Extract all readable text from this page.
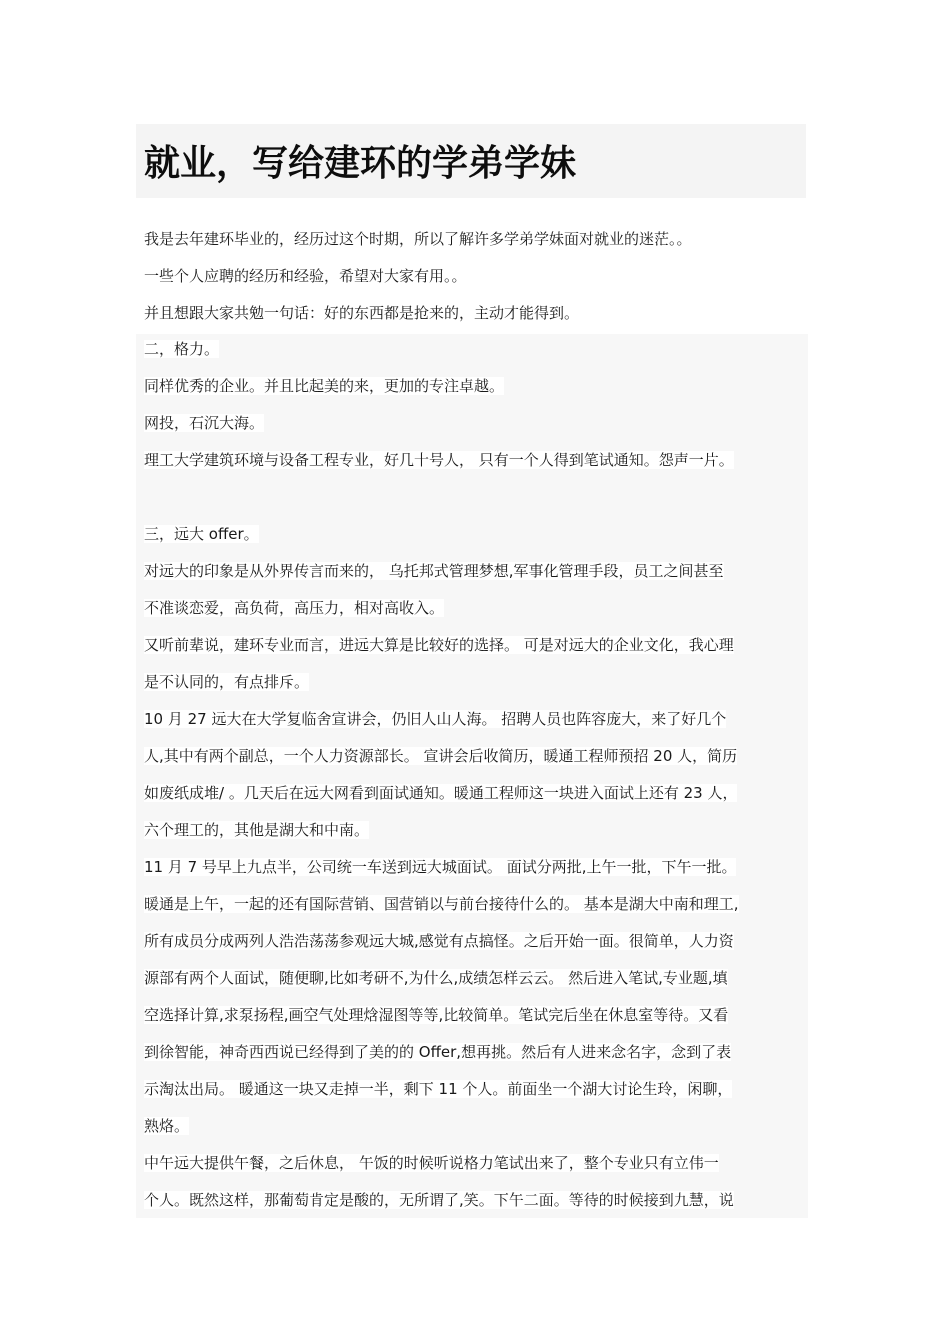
就业，写给建环的学弟学妹
我是去年建环毕业的，经历过这个时期，所以了解许多学弟学妹面对就业的迷茫。。
一些个人应聘的经历和经验，希望对大家有用。。
并且想跟大家共勉一句话：好的东西都是抢来的，主动才能得到。
二，格力。
同样优秀的企业。并且比起美的来，更加的专注卓越。
网投，石沉大海。
理工大学建筑环境与设备工程专业，好几十号人， 只有一个人得到笔试通知。怨声一片。
三，远大 offer。
对远大的印象是从外界传言而来的， 乌托邦式管理梦想,军事化管理手段，员工之间甚至
不准谈恋爱，高负荷，高压力，相对高收入。
又听前辈说，建环专业而言，进远大算是比较好的选择。 可是对远大的企业文化，我心理
是不认同的，有点排斥。
10 月 27 远大在大学复临舍宣讲会，仍旧人山人海。 招聘人员也阵容庞大，来了好几个
人,其中有两个副总，一个人力资源部长。 宣讲会后收简历，暖通工程师预招 20 人，简历
如废纸成堆/ 。几天后在远大网看到面试通知。暖通工程师这一块进入面试上还有 23 人，
六个理工的，其他是湖大和中南。
11 月 7 号早上九点半，公司统一车送到远大城面试。 面试分两批,上午一批，下午一批。
暖通是上午，一起的还有国际营销、国营销以与前台接待什么的。 基本是湖大中南和理工,
所有成员分成两列人浩浩荡荡参观远大城,感觉有点搞怪。之后开始一面。很简单，人力资
源部有两个人面试，随便聊,比如考研不,为什么,成绩怎样云云。 然后进入笔试,专业题,填
空选择计算,求泵扬程,画空气处理焓湿图等等,比较简单。笔试完后坐在休息室等待。又看
到徐智能，神奇西西说已经得到了美的的 Offer,想再挑。然后有人进来念名字，念到了表
示淘汰出局。 暖通这一块又走掉一半，剩下 11 个人。前面坐一个湖大讨论生玲，闲聊，
熟烙。
中午远大提供午餐，之后休息， 午饭的时候听说格力笔试出来了，整个专业只有立伟一
个人。既然这样，那葡萄肯定是酸的，无所谓了,笑。下午二面。等待的时候接到九慧，说
